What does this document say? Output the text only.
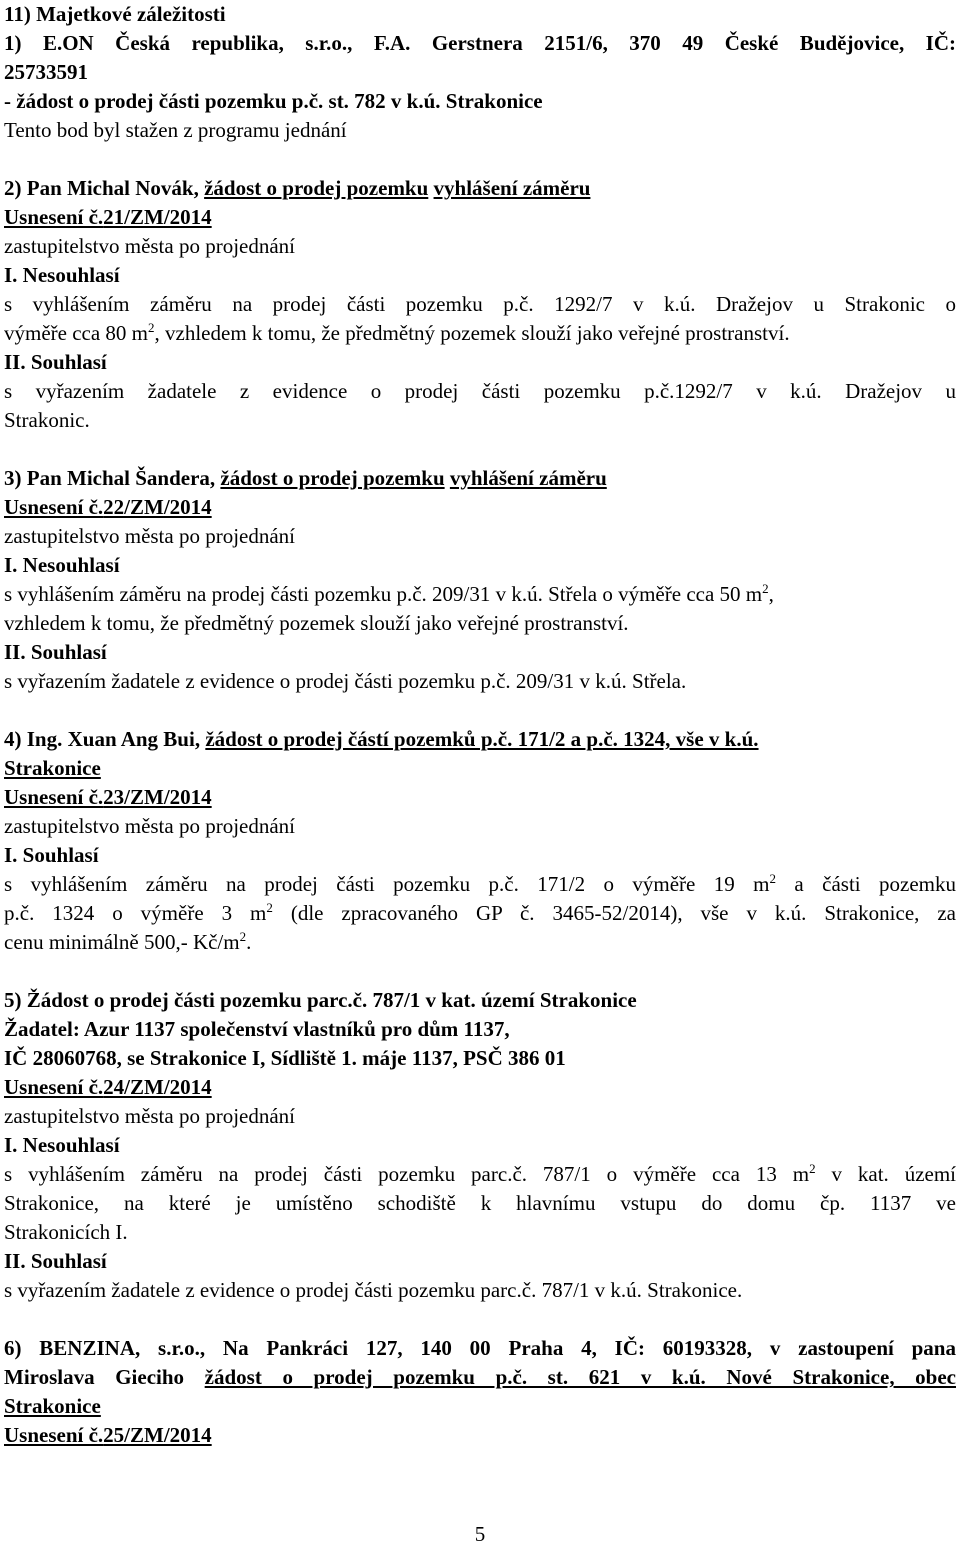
11) Majetkové záležitosti
1) E.ON Česká republika, s.r.o., F.A. Gerstnera 2151/6, 370 49 České Budějovice, IČ:
25733591
- žádost o prodej části pozemku p.č. st. 782 v k.ú. Strakonice
Tento bod byl stažen z programu jednání
2) Pan Michal Novák, žádost o prodej pozemku vyhlášení záměru
Usnesení č.21/ZM/2014
zastupitelstvo města po projednání
I. Nesouhlasí
s vyhlášením záměru na prodej části pozemku p.č. 1292/7 v k.ú. Dražejov u Strakonic o
výměře cca 80 $m^2$, vzhledem k tomu, že předmětný pozemek slouží jako veřejné prostranství.
II. Souhlasí
s vyřazením žadatele z evidence o prodej části pozemku p.č.1292/7 v k.ú. Dražejov u
Strakonic.
3) Pan Michal Šandera, žádost o prodej pozemku vyhlášení záměru
Usnesení č.22/ZM/2014
zastupitelstvo města po projednání
I. Nesouhlasí
s vyhlášením záměru na prodej části pozemku p.č. 209/31 v k.ú. Střela o výměře cca 50 $m^2$,
vzhledem k tomu, že předmětný pozemek slouží jako veřejné prostranství.
II. Souhlasí
s vyřazením žadatele z evidence o prodej části pozemku p.č. 209/31 v k.ú. Střela.
4) Ing. Xuan Ang Bui, žádost o prodej částí pozemků p.č. 171/2 a p.č. 1324, vše v k.ú.
Strakonice
Usnesení č.23/ZM/2014
zastupitelstvo města po projednání
I. Souhlasí
s vyhlášením záměru na prodej části pozemku p.č. 171/2 o výměře 19 $m^2$ a části pozemku
p.č. 1324 o výměře 3 $m^2$ (dle zpracovaného GP č. 3465-52/2014), vše v k.ú. Strakonice, za
cenu minimálně 500,- $Kč/m^2$.
5) Žádost o prodej části pozemku parc.č. 787/1 v kat. území Strakonice
Žadatel: Azur 1137 společenství vlastníků pro dům 1137,
IČ 28060768, se Strakonice I, Sídliště 1. máje 1137, PSČ 386 01
Usnesení č.24/ZM/2014
zastupitelstvo města po projednání
I. Nesouhlasí
s vyhlášením záměru na prodej části pozemku parc.č. 787/1 o výměře cca 13 $m^2$ v kat. území
Strakonice, na které je umístěno schodiště k hlavnímu vstupu do domu čp. 1137 ve
Strakonicích I.
II. Souhlasí
s vyřazením žadatele z evidence o prodej části pozemku parc.č. 787/1 v k.ú. Strakonice.
6) BENZINA, s.r.o., Na Pankráci 127, 140 00 Praha 4, IČ: 60193328, v zastoupení pana
Miroslava Gieciho žádost o prodej pozemku p.č. st. 621 v k.ú. Nové Strakonice, obec
Strakonice
Usnesení č.25/ZM/2014
5
